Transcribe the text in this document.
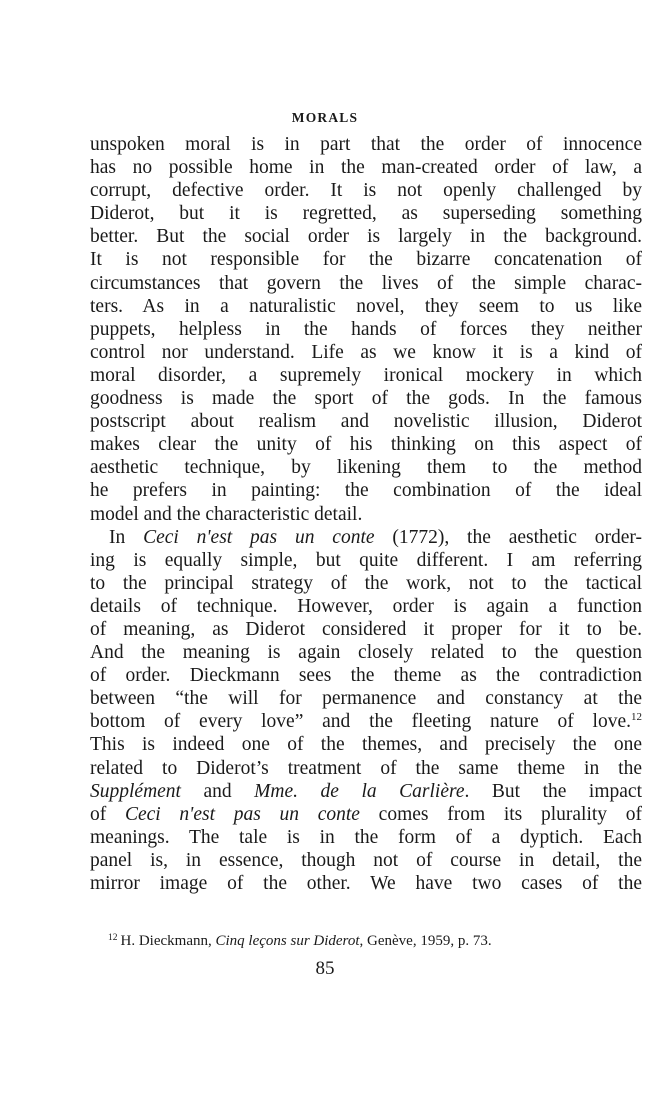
MORALS
unspoken moral is in part that the order of innocence
has no possible home in the man-created order of law, a
corrupt, defective order. It is not openly challenged by
Diderot, but it is regretted, as superseding something
better. But the social order is largely in the background.
It is not responsible for the bizarre concatenation of
circumstances that govern the lives of the simple charac-
ters. As in a naturalistic novel, they seem to us like
puppets, helpless in the hands of forces they neither
control nor understand. Life as we know it is a kind of
moral disorder, a supremely ironical mockery in which
goodness is made the sport of the gods. In the famous
postscript about realism and novelistic illusion, Diderot
makes clear the unity of his thinking on this aspect of
aesthetic technique, by likening them to the method
he prefers in painting: the combination of the ideal
model and the characteristic detail.
In Ceci n'est pas un conte (1772), the aesthetic order-
ing is equally simple, but quite different. I am referring
to the principal strategy of the work, not to the tactical
details of technique. However, order is again a function
of meaning, as Diderot considered it proper for it to be.
And the meaning is again closely related to the question
of order. Dieckmann sees the theme as the contradiction
between “the will for permanence and constancy at the
bottom of every love” and the fleeting nature of love.$^{12}$
This is indeed one of the themes, and precisely the one
related to Diderot’s treatment of the same theme in the
Supplément and Mme. de la Carlière. But the impact
of Ceci n'est pas un conte comes from its plurality of
meanings. The tale is in the form of a dyptich. Each
panel is, in essence, though not of course in detail, the
mirror image of the other. We have two cases of the
$^{12}$ H. Dieckmann, Cinq leçons sur Diderot, Genève, 1959, p. 73.
85
